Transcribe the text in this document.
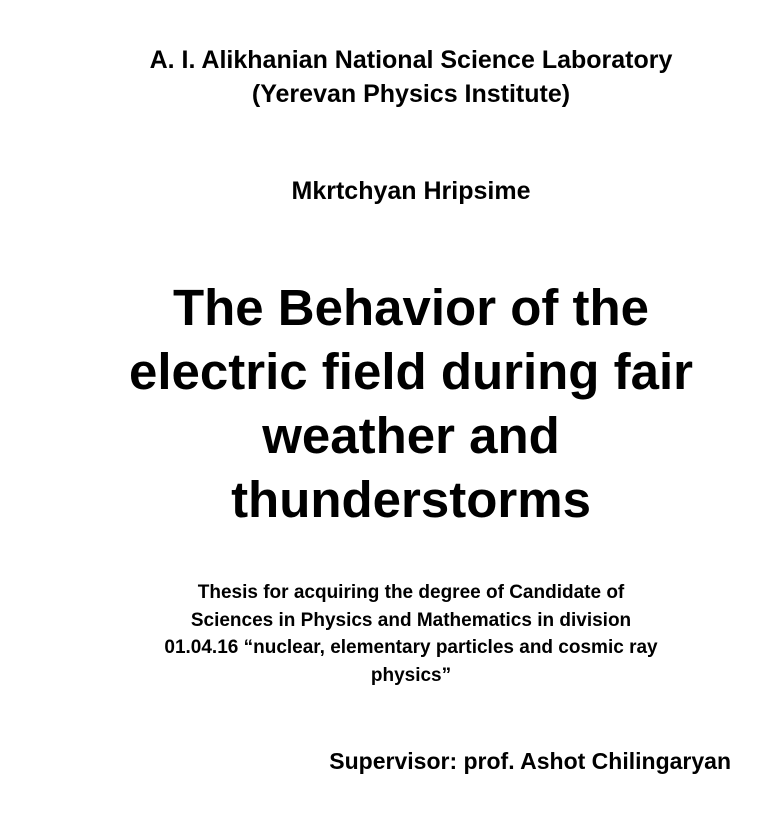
A. I. Alikhanian National Science Laboratory
(Yerevan Physics Institute)
Mkrtchyan Hripsime
The Behavior of the
electric field during fair
weather and
thunderstorms
Thesis for acquiring the degree of Candidate of
Sciences in Physics and Mathematics in division
01.04.16 “nuclear, elementary particles and cosmic ray
physics”
Supervisor: prof. Ashot Chilingaryan
